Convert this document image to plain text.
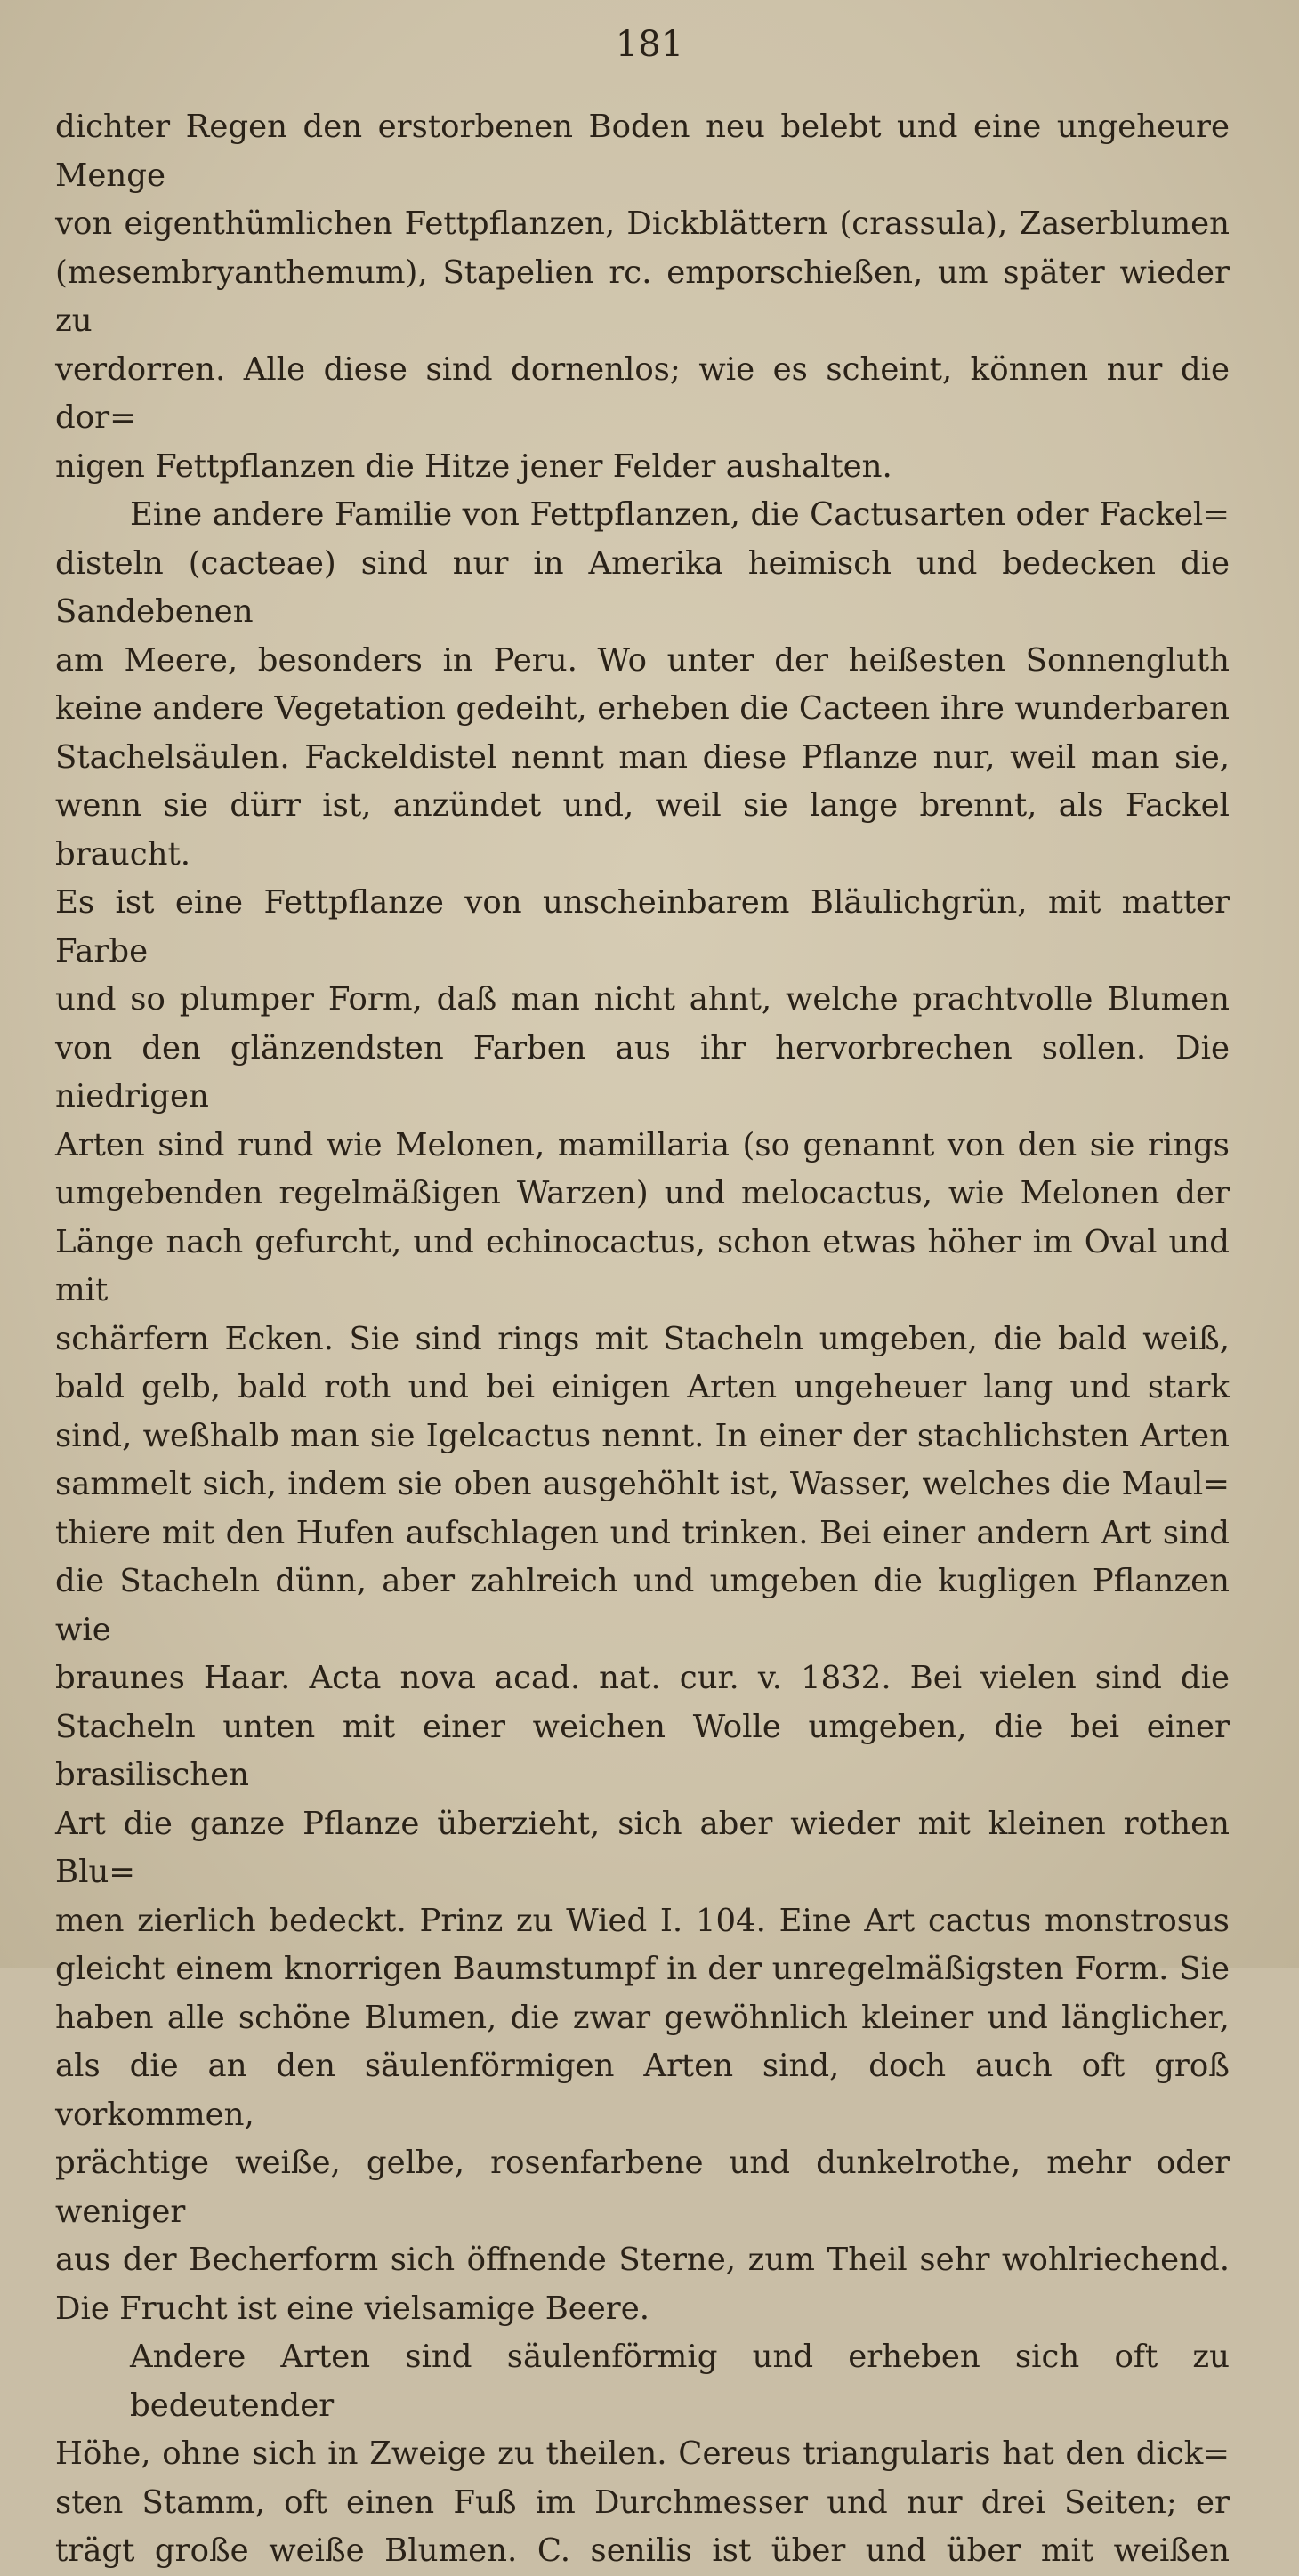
181

dichter Regen den erstorbenen Boden neu belebt und eine ungeheure Menge

von eigenthümlichen Fettpflanzen, Dickblättern (crassula), Zaserblumen

(mesembryanthemum), Stapelien rc. emporschießen, um später wieder zu

verdorren. Alle diese sind dornenlos; wie es scheint, können nur die dor=

nigen Fettpflanzen die Hitze jener Felder aushalten.

Eine andere Familie von Fettpflanzen, die Cactusarten oder Fackel=

disteln (cacteae) sind nur in Amerika heimisch und bedecken die Sandebenen

am Meere, besonders in Peru. Wo unter der heißesten Sonnengluth

keine andere Vegetation gedeiht, erheben die Cacteen ihre wunderbaren

Stachelsäulen. Fackeldistel nennt man diese Pflanze nur, weil man sie,

wenn sie dürr ist, anzündet und, weil sie lange brennt, als Fackel braucht.

Es ist eine Fettpflanze von unscheinbarem Bläulichgrün, mit matter Farbe

und so plumper Form, daß man nicht ahnt, welche prachtvolle Blumen

von den glänzendsten Farben aus ihr hervorbrechen sollen. Die niedrigen

Arten sind rund wie Melonen, mamillaria (so genannt von den sie rings

umgebenden regelmäßigen Warzen) und melocactus, wie Melonen der

Länge nach gefurcht, und echinocactus, schon etwas höher im Oval und mit

schärfern Ecken. Sie sind rings mit Stacheln umgeben, die bald weiß,

bald gelb, bald roth und bei einigen Arten ungeheuer lang und stark

sind, weßhalb man sie Igelcactus nennt. In einer der stachlichsten Arten

sammelt sich, indem sie oben ausgehöhlt ist, Wasser, welches die Maul=

thiere mit den Hufen aufschlagen und trinken. Bei einer andern Art sind

die Stacheln dünn, aber zahlreich und umgeben die kugligen Pflanzen wie

braunes Haar. Acta nova acad. nat. cur. v. 1832. Bei vielen sind die

Stacheln unten mit einer weichen Wolle umgeben, die bei einer brasilischen

Art die ganze Pflanze überzieht, sich aber wieder mit kleinen rothen Blu=

men zierlich bedeckt. Prinz zu Wied I. 104. Eine Art cactus monstrosus

gleicht einem knorrigen Baumstumpf in der unregelmäßigsten Form. Sie

haben alle schöne Blumen, die zwar gewöhnlich kleiner und länglicher,

als die an den säulenförmigen Arten sind, doch auch oft groß vorkommen,

prächtige weiße, gelbe, rosenfarbene und dunkelrothe, mehr oder weniger

aus der Becherform sich öffnende Sterne, zum Theil sehr wohlriechend.

Die Frucht ist eine vielsamige Beere.

Andere Arten sind säulenförmig und erheben sich oft zu bedeutender

Höhe, ohne sich in Zweige zu theilen. Cereus triangularis hat den dick=

sten Stamm, oft einen Fuß im Durchmesser und nur drei Seiten; er

trägt große weiße Blumen. C. senilis ist über und über mit weißen
